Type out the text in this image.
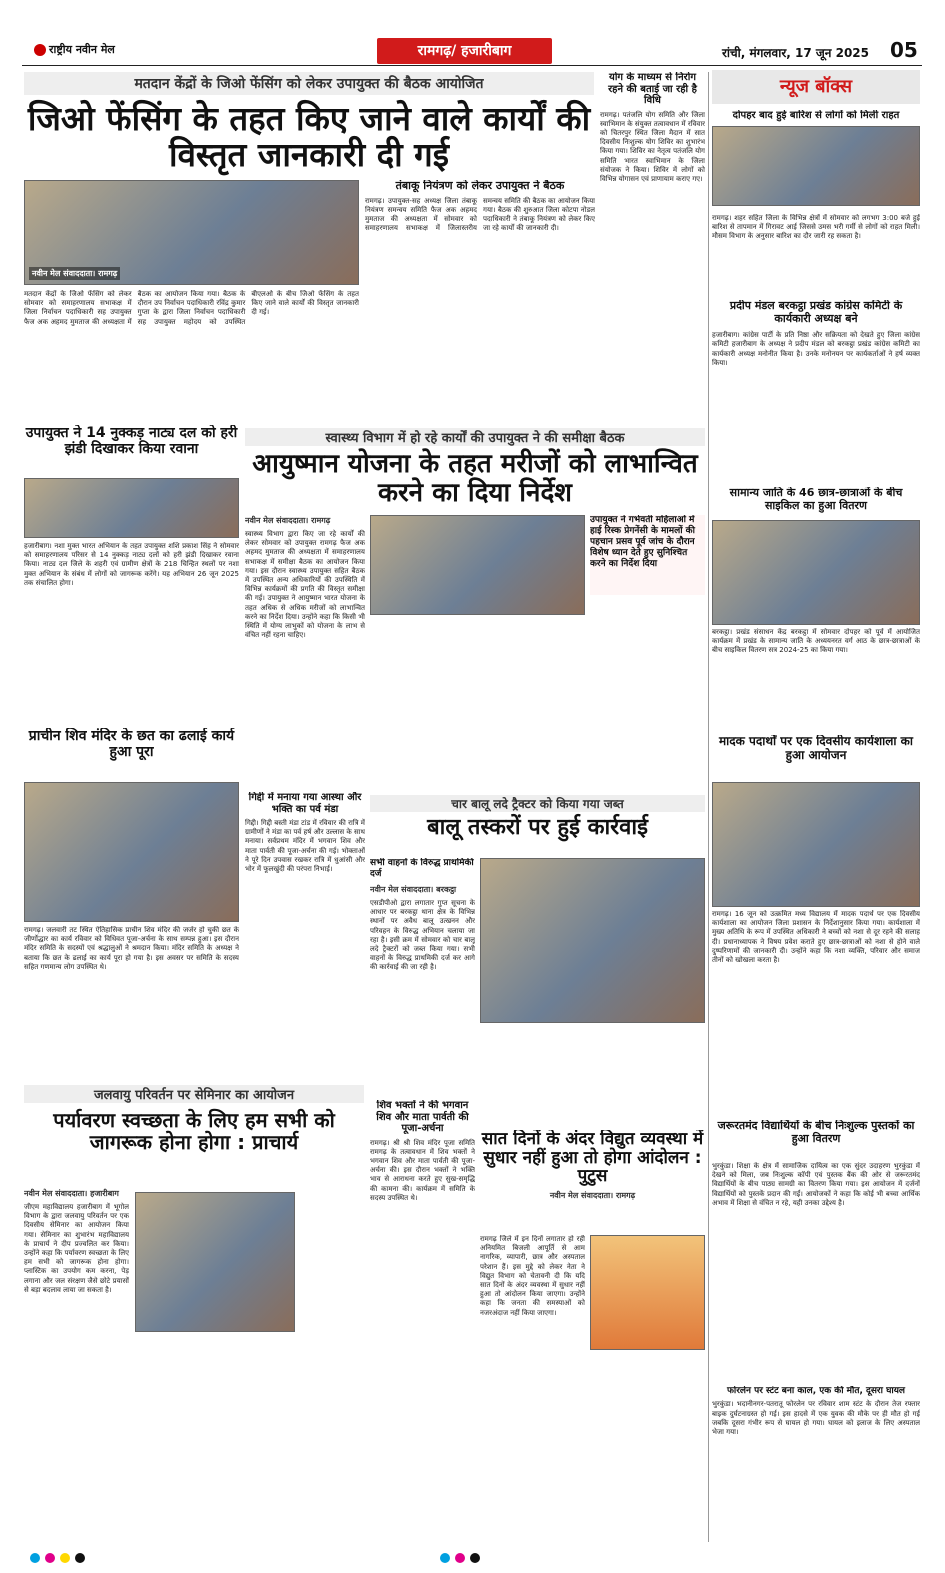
राष्ट्रीय नवीन मेल	रामगढ़/ हजारीबाग	रांची, मंगलवार, 17 जून 2025 05
मतदान केंद्रों के जिओ फेंसिंग को लेकर उपायुक्त की बैठक आयोजित
जिओ फेंसिंग के तहत किए जाने वाले कार्यों की विस्तृत जानकारी दी गई
नवीन मेल संवाददाता। रामगढ़
मतदान केंद्रों के जिओ फेंसिंग को लेकर सोमवार को समाहरणालय सभाकक्ष में जिला निर्वाचन पदाधिकारी सह उपायुक्त फैज अक अहमद मुमताज की अध्यक्षता में बैठक का आयोजन किया गया। बैठक के दौरान उप निर्वाचन पदाधिकारी रविंद्र कुमार गुप्ता के द्वारा जिला निर्वाचन पदाधिकारी सह उपायुक्त महोदय को उपस्थित बीएलओ के बीच जिओ फेंसिंग के तहत किए जाने वाले कार्यों की विस्तृत जानकारी दी गई।
तंबाकू नियंत्रण को लेकर उपायुक्त ने बैठक
रामगढ़। उपायुक्त-सह अध्यक्ष जिला तंबाकू नियंत्रण समन्वय समिति फैज अक अहमद मुमताज की अध्यक्षता में सोमवार को समाहरणालय सभाकक्ष में जिलास्तरीय समन्वय समिति की बैठक का आयोजन किया गया। बैठक की शुरुआत जिला कोटपा नोडल पदाधिकारी ने तंबाकू नियंत्रण को लेकर किए जा रहे कार्यों की जानकारी दी।
योग के माध्यम से निरोग रहने की बताई जा रही है विधि
रामगढ़। पतंजलि योग समिति और जिला स्वाभिमान के संयुक्त तत्वावधान में रविवार को चितरपुर स्थित जिला मैदान में सात दिवसीय निःशुल्क योग शिविर का शुभारंभ किया गया। शिविर का नेतृत्व पतंजलि योग समिति भारत स्वाभिमान के जिला संयोजक ने किया। शिविर में लोगों को विभिन्न योगासन एवं प्राणायाम कराए गए।
न्यूज बॉक्स
दोपहर बाद हुई बारिश से लोगों को मिली राहत
रामगढ़। शहर सहित जिला के विभिन्न क्षेत्रों में सोमवार को लगभग 3:00 बजे हुई बारिश से तापमान में गिरावट आई जिससे उमस भरी गर्मी से लोगों को राहत मिली। मौसम विभाग के अनुसार बारिश का दौर जारी रह सकता है।
प्रदीप मंडल बरकट्ठा प्रखंड कांग्रेस कमिटी के कार्यकारी अध्यक्ष बने
हजारीबाग। कांग्रेस पार्टी के प्रति निष्ठा और सक्रियता को देखते हुए जिला कांग्रेस कमिटी हजारीबाग के अध्यक्ष ने प्रदीप मंडल को बरकट्ठा प्रखंड कांग्रेस कमिटी का कार्यकारी अध्यक्ष मनोनीत किया है। उनके मनोनयन पर कार्यकर्ताओं ने हर्ष व्यक्त किया।
उपायुक्त ने 14 नुक्कड़ नाट्य दल को हरी झंडी दिखाकर किया रवाना
हजारीबाग। नशा मुक्त भारत अभियान के तहत उपायुक्त शशि प्रकाश सिंह ने सोमवार को समाहरणालय परिसर से 14 नुक्कड़ नाट्य दलों को हरी झंडी दिखाकर रवाना किया। नाट्य दल जिले के शहरी एवं ग्रामीण क्षेत्रों के 218 चिन्हित स्थलों पर नशा मुक्त अभियान के संबंध में लोगों को जागरूक करेंगे। यह अभियान 26 जून 2025 तक संचालित होगा।
स्वास्थ्य विभाग में हो रहे कार्यों की उपायुक्त ने की समीक्षा बैठक
आयुष्मान योजना के तहत मरीजों को लाभान्वित करने का दिया निर्देश
नवीन मेल संवाददाता। रामगढ़
स्वास्थ्य विभाग द्वारा किए जा रहे कार्यों की लेकर सोमवार को उपायुक्त रामगढ़ फैज अक अहमद मुमताज की अध्यक्षता में समाहरणालय सभाकक्ष में समीक्षा बैठक का आयोजन किया गया। इस दौरान स्वास्थ्य उपायुक्त सहित बैठक में उपस्थित अन्य अधिकारियों की उपस्थिति में विभिन्न कार्यक्रमों की प्रगति की विस्तृत समीक्षा की गई। उपायुक्त ने आयुष्मान भारत योजना के तहत अधिक से अधिक मरीजों को लाभान्वित करने का निर्देश दिया। उन्होंने कहा कि किसी भी स्थिति में योग्य लाभुकों को योजना के लाभ से वंचित नहीं रहना चाहिए।
उपायुक्त ने गर्भवती महिलाओं में हाई रिस्क प्रेगनेंसी के मामलों की पहचान प्रसव पूर्व जांच के दौरान विशेष ध्यान देते हुए सुनिश्चित करने का निर्देश दिया
सामान्य जाति के 46 छात्र-छात्राओं के बीच साइकिल का हुआ वितरण
बरकट्ठा। प्रखंड संसाधन केंद्र बरकट्ठा में सोमवार दोपहर को पूर्व में आयोजित कार्यक्रम में प्रखंड के सामान्य जाति के अध्ययनरत वर्ग आठ के छात्र-छात्राओं के बीच साइकिल वितरण सत्र 2024-25 का किया गया।
प्राचीन शिव मंदिर के छत का ढलाई कार्य हुआ पूरा
रामगढ़। जलवारी तट स्थित ऐतिहासिक प्राचीन शिव मंदिर की जर्जर हो चुकी छत के जीर्णोद्धार का कार्य रविवार को विधिवत पूजा-अर्चना के साथ सम्पन्न हुआ। इस दौरान मंदिर समिति के सदस्यों एवं श्रद्धालुओं ने श्रमदान किया। मंदिर समिति के अध्यक्ष ने बताया कि छत के ढलाई का कार्य पूरा हो गया है। इस अवसर पर समिति के सदस्य सहित गणमान्य लोग उपस्थित थे।
गिद्दी में मनाया गया आस्था और भक्ति का पर्व मंडा
गिद्दी। गिद्दी बस्ती मंडा टांड में रविवार की रात्रि में ग्रामीणों ने मंडा का पर्व हर्ष और उल्लास के साथ मनाया। सर्वप्रथम मंदिर में भगवान शिव और माता पार्वती की पूजा-अर्चना की गई। भोक्ताओं ने पूरे दिन उपवास रखकर रात्रि में धुआंसी और भोर में फूलखुंदी की परंपरा निभाई।
चार बालू लदे ट्रैक्टर को किया गया जब्त
बालू तस्करों पर हुई कार्रवाई
सभी वाहनों के विरुद्ध प्राथमिकी दर्ज
नवीन मेल संवाददाता। बरकट्ठा
एसडीपीओ द्वारा लगातार गुप्त सूचना के आधार पर बरकट्ठा थाना क्षेत्र के विभिन्न स्थानों पर अवैध बालू उत्खनन और परिवहन के विरुद्ध अभियान चलाया जा रहा है। इसी क्रम में सोमवार को चार बालू लदे ट्रैक्टरों को जब्त किया गया। सभी वाहनों के विरुद्ध प्राथमिकी दर्ज कर आगे की कार्रवाई की जा रही है।
मादक पदार्थों पर एक दिवसीय कार्यशाला का हुआ आयोजन
रामगढ़। 16 जून को उत्क्रमित मध्य विद्यालय में मादक पदार्थ पर एक दिवसीय कार्यशाला का आयोजन जिला प्रशासन के निर्देशानुसार किया गया। कार्यशाला में मुख्य अतिथि के रूप में उपस्थित अधिकारी ने बच्चों को नशा से दूर रहने की सलाह दी। प्रधानाध्यापक ने विषय प्रवेश कराते हुए छात्र-छात्राओं को नशा से होने वाले दुष्परिणामों की जानकारी दी। उन्होंने कहा कि नशा व्यक्ति, परिवार और समाज तीनों को खोखला करता है।
जरूरतमंद विद्यार्थियों के बीच निःशुल्क पुस्तकों का हुआ वितरण
भुरकुंडा। शिक्षा के क्षेत्र में सामाजिक दायित्व का एक सुंदर उदाहरण भुरकुंडा में देखने को मिला, जब निःशुल्क कॉपी एवं पुस्तक बैंक की ओर से जरूरतमंद विद्यार्थियों के बीच पाठ्य सामग्री का वितरण किया गया। इस आयोजन में दर्जनों विद्यार्थियों को पुस्तकें प्रदान की गईं। आयोजकों ने कहा कि कोई भी बच्चा आर्थिक अभाव में शिक्षा से वंचित न रहे, यही उनका उद्देश्य है।
फोरलेन पर स्टंट बना काल, एक की मौत, दूसरा घायल
भुरकुंडा। भदानीनगर-पतरातू फोरलेन पर रविवार शाम स्टंट के दौरान तेज रफ्तार बाइक दुर्घटनाग्रस्त हो गई। इस हादसे में एक युवक की मौके पर ही मौत हो गई जबकि दूसरा गंभीर रूप से घायल हो गया। घायल को इलाज के लिए अस्पताल भेजा गया।
जलवायु परिवर्तन पर सेमिनार का आयोजन
पर्यावरण स्वच्छता के लिए हम सभी को जागरूक होना होगा : प्राचार्य
नवीन मेल संवाददाता। हजारीबाग
जीएम महाविद्यालय हजारीबाग में भूगोल विभाग के द्वारा जलवायु परिवर्तन पर एक दिवसीय सेमिनार का आयोजन किया गया। सेमिनार का शुभारंभ महाविद्यालय के प्राचार्य ने दीप प्रज्वलित कर किया। उन्होंने कहा कि पर्यावरण स्वच्छता के लिए हम सभी को जागरूक होना होगा। प्लास्टिक का उपयोग कम करना, पेड़ लगाना और जल संरक्षण जैसे छोटे प्रयासों से बड़ा बदलाव लाया जा सकता है।
शिव भक्तों ने की भगवान शिव और माता पार्वती की पूजा-अर्चना
रामगढ़। श्री श्री शिव मंदिर पूजा समिति रामगढ़ के तत्वावधान में शिव भक्तों ने भगवान शिव और माता पार्वती की पूजा-अर्चना की। इस दौरान भक्तों ने भक्ति भाव से आराधना करते हुए सुख-समृद्धि की कामना की। कार्यक्रम में समिति के सदस्य उपस्थित थे।
सात दिनों के अंदर विद्युत व्यवस्था में सुधार नहीं हुआ तो होगा आंदोलन : पुटुस
नवीन मेल संवाददाता। रामगढ़
रामगढ़ जिले में इन दिनों लगातार हो रही अनियमित बिजली आपूर्ति से आम नागरिक, व्यापारी, छात्र और अस्पताल परेशान हैं। इस मुद्दे को लेकर नेता ने विद्युत विभाग को चेतावनी दी कि यदि सात दिनों के अंदर व्यवस्था में सुधार नहीं हुआ तो आंदोलन किया जाएगा। उन्होंने कहा कि जनता की समस्याओं को नजरअंदाज नहीं किया जाएगा।
